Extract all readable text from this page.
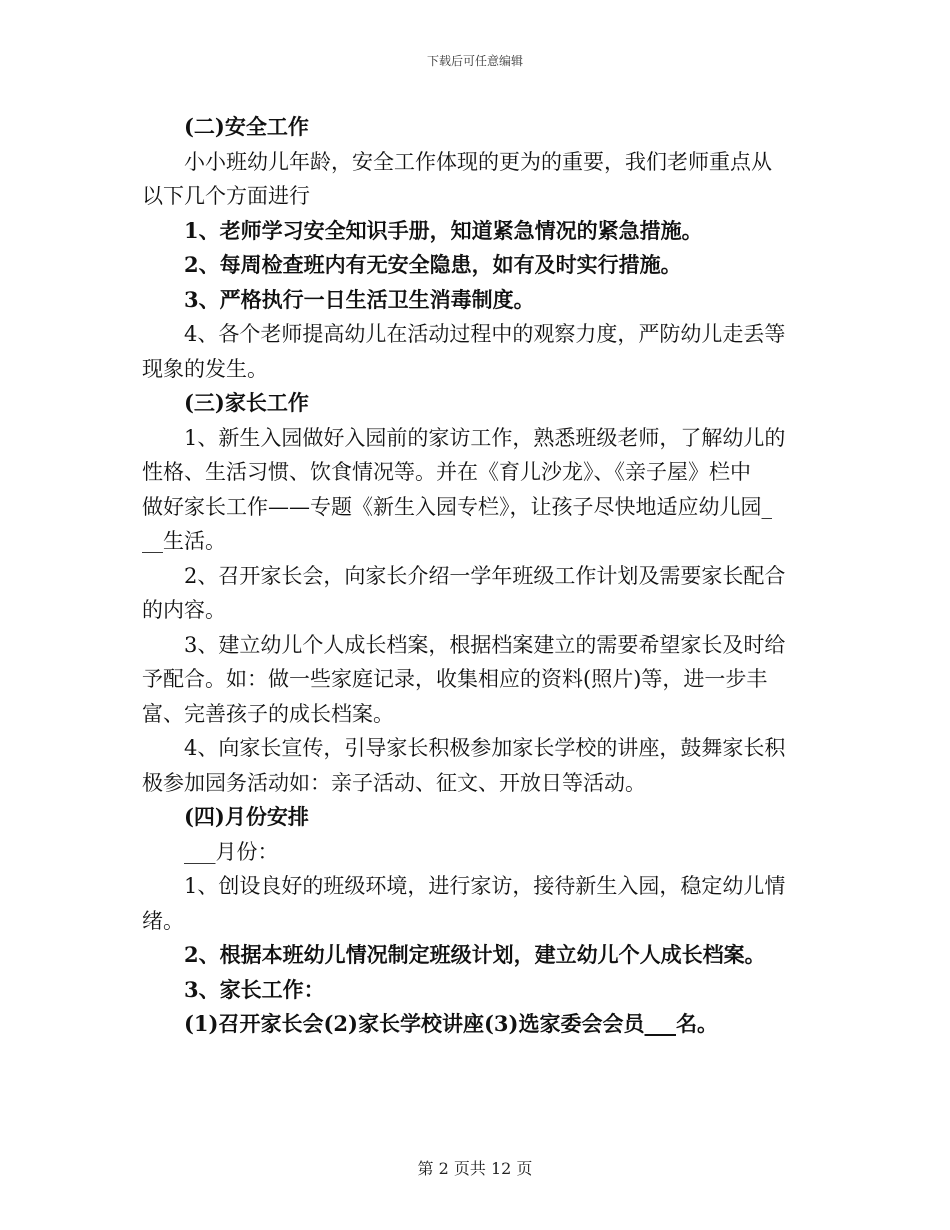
下载后可任意编辑
(二)安全工作
小小班幼儿年龄，安全工作体现的更为的重要，我们老师重点从
以下几个方面进行
1、老师学习安全知识手册，知道紧急情况的紧急措施。
2、每周检查班内有无安全隐患，如有及时实行措施。
3、严格执行一日生活卫生消毒制度。
4、各个老师提高幼儿在活动过程中的观察力度，严防幼儿走丢等
现象的发生。
(三)家长工作
1、新生入园做好入园前的家访工作，熟悉班级老师，了解幼儿的
性格、生活习惯、饮食情况等。并在《育儿沙龙》、《亲子屋》栏中
做好家长工作——专题《新生入园专栏》，让孩子尽快地适应幼儿园_
__生活。
2、召开家长会，向家长介绍一学年班级工作计划及需要家长配合
的内容。
3、建立幼儿个人成长档案，根据档案建立的需要希望家长及时给
予配合。如：做一些家庭记录，收集相应的资料(照片)等，进一步丰
富、完善孩子的成长档案。
4、向家长宣传，引导家长积极参加家长学校的讲座，鼓舞家长积
极参加园务活动如：亲子活动、征文、开放日等活动。
(四)月份安排
___月份：
1、创设良好的班级环境，进行家访，接待新生入园，稳定幼儿情
绪。
2、根据本班幼儿情况制定班级计划，建立幼儿个人成长档案。
3、家长工作：
(1)召开家长会(2)家长学校讲座(3)选家委会会员___名。
第 2 页共 12 页
